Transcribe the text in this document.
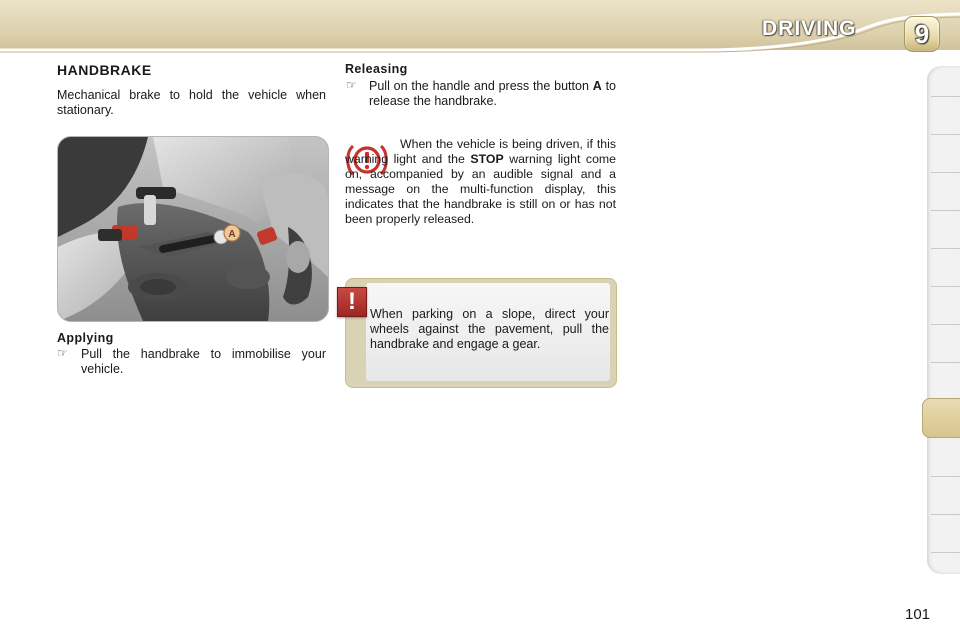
DRIVING	9
HANDBRAKE
Mechanical brake to hold the vehicle when stationary.
A
Applying
☞ Pull the handbrake to immobilise your vehicle.
Releasing
☞ Pull on the handle and press the button A to release the handbrake.
When the vehicle is being driven, if this warning light and the STOP warning light come on, accompanied by an audible signal and a message on the multi-function display, this indicates that the handbrake is still on or has not been properly released.
!	When parking on a slope, direct your wheels against the pavement, pull the handbrake and engage a gear.
101
